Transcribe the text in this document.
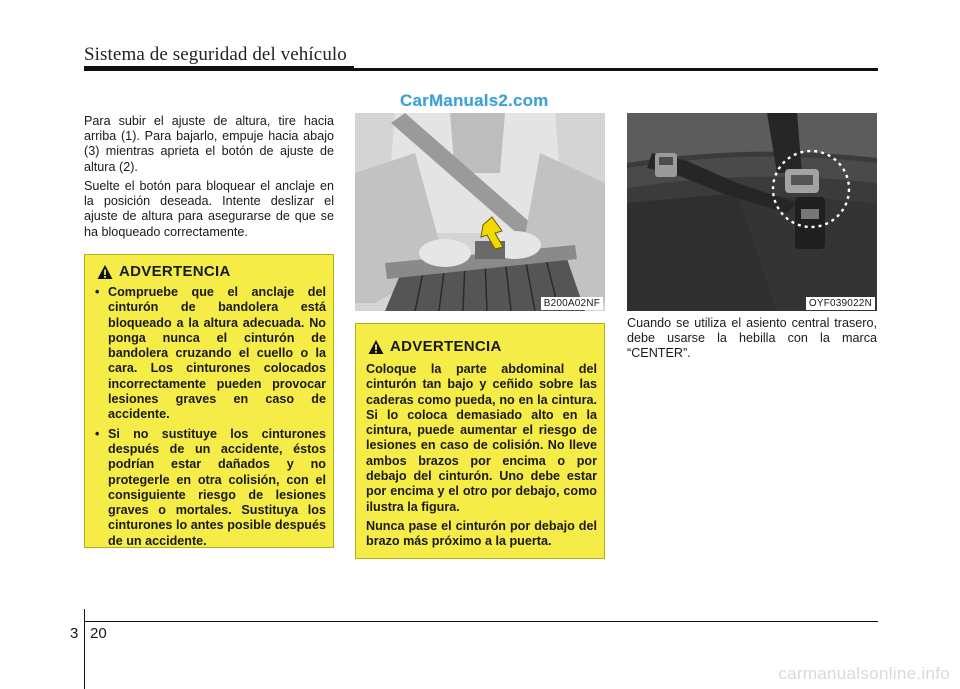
Sistema de seguridad del vehículo
CarManuals2.com

Para subir el ajuste de altura, tire hacia arriba (1). Para bajarlo, empuje hacia abajo (3) mientras aprieta el botón de ajuste de altura (2).

Suelte el botón para bloquear el anclaje en la posición deseada. Intente deslizar el ajuste de altura para asegurarse de que se ha bloqueado correctamente.

ADVERTENCIA
• Compruebe que el anclaje del cinturón de bandolera está bloqueado a la altura adecuada. No ponga nunca el cinturón de bandolera cruzando el cuello o la cara. Los cinturones colocados incorrectamente pueden provocar lesiones graves en caso de accidente.
• Si no sustituye los cinturones después de un accidente, éstos podrían estar dañados y no protegerle en otra colisión, con el consiguiente riesgo de lesiones graves o mortales. Sustituya los cinturones lo antes posible después de un accidente.
B200A02NF
ADVERTENCIA

Coloque la parte abdominal del cinturón tan bajo y ceñido sobre las caderas como pueda, no en la cintura. Si lo coloca demasiado alto en la cintura, puede aumentar el riesgo de lesiones en caso de colisión. No lleve ambos brazos por encima o por debajo del cinturón. Uno debe estar por encima y el otro por debajo, como ilustra la figura.

Nunca pase el cinturón por debajo del brazo más próximo a la puerta.

OYF039022N

Cuando se utiliza el asiento central trasero, debe usarse la hebilla con la marca “CENTER”.

3 20
carmanualsonline.info
